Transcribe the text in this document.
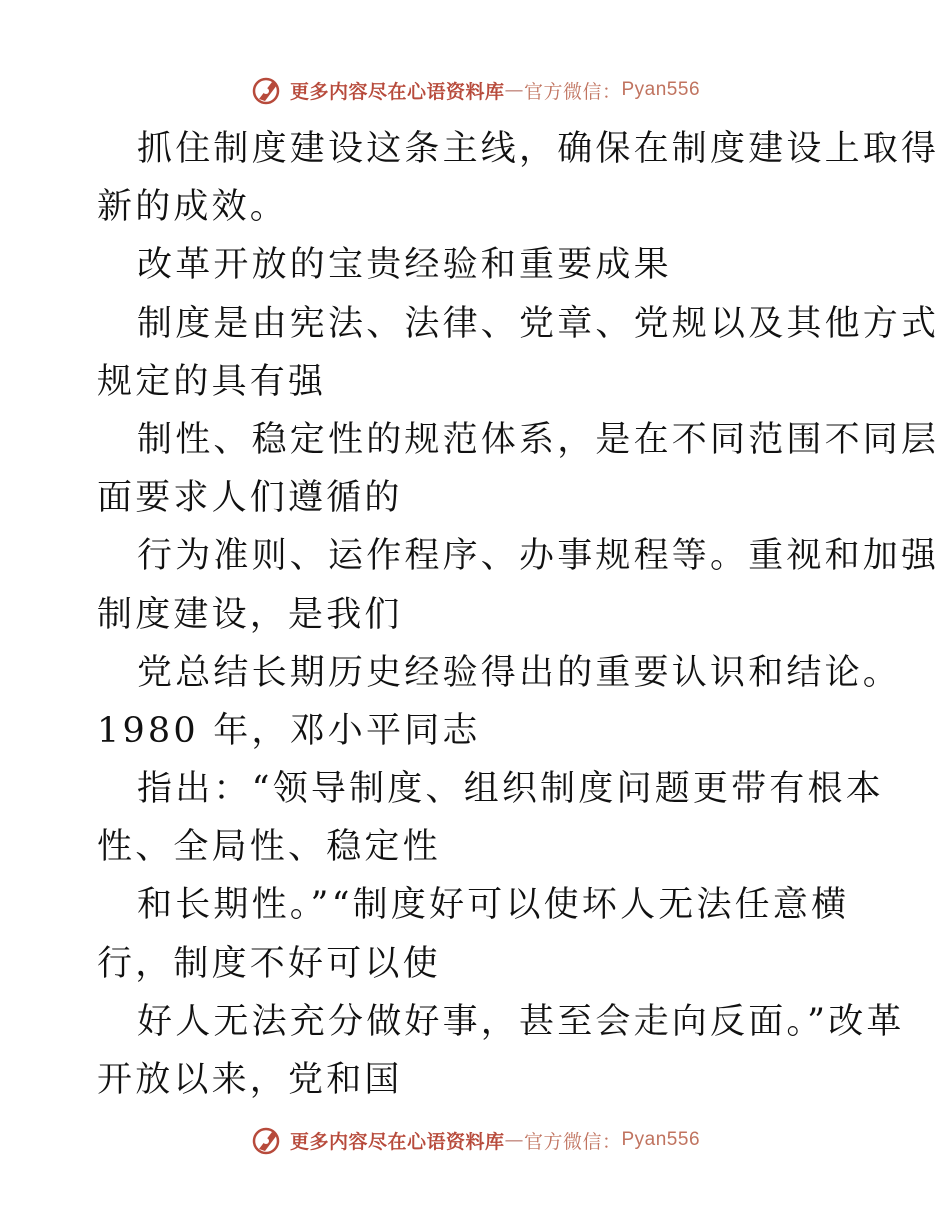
更多内容尽在心语资料库 — 官方微信： Pyan556
抓住制度建设这条主线，确保在制度建设上取得
新的成效。
改革开放的宝贵经验和重要成果
制度是由宪法、法律、党章、党规以及其他方式
规定的具有强
制性、稳定性的规范体系，是在不同范围不同层
面要求人们遵循的
行为准则、运作程序、办事规程等。重视和加强
制度建设，是我们
党总结长期历史经验得出的重要认识和结论。
1980 年，邓小平同志
指出：“领导制度、组织制度问题更带有根本
性、全局性、稳定性
和长期性。”“制度好可以使坏人无法任意横
行，制度不好可以使
好人无法充分做好事，甚至会走向反面。”改革
开放以来，党和国
更多内容尽在心语资料库 — 官方微信： Pyan556
